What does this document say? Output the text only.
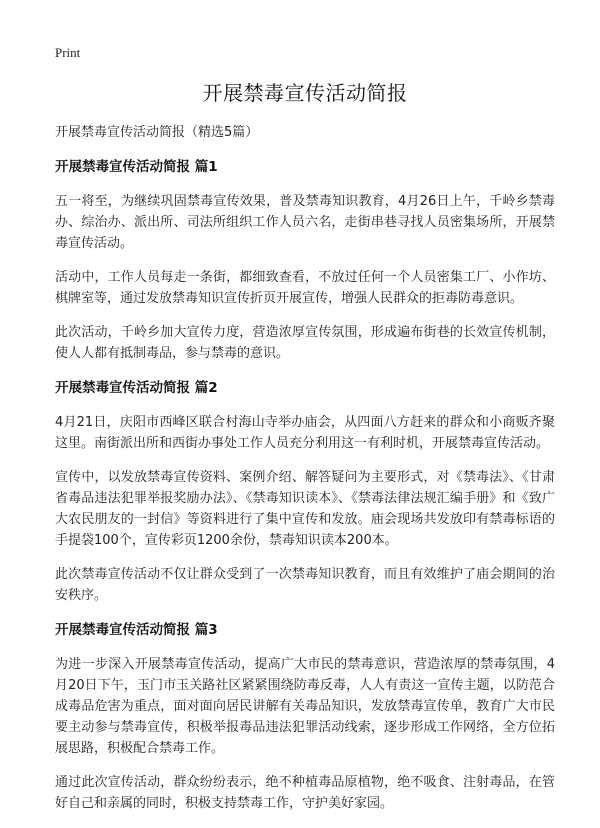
Print

开展禁毒宣传活动简报

开展禁毒宣传活动简报（精选5篇）

开展禁毒宣传活动简报 篇1

五一将至，为继续巩固禁毒宣传效果，普及禁毒知识教育，4月26日上午，千岭乡禁毒办、综治办、派出所、司法所组织工作人员六名，走街串巷寻找人员密集场所，开展禁毒宣传活动。

活动中，工作人员每走一条街，都细致查看，不放过任何一个人员密集工厂、小作坊、棋牌室等，通过发放禁毒知识宣传折页开展宣传，增强人民群众的拒毒防毒意识。

此次活动，千岭乡加大宣传力度，营造浓厚宣传氛围，形成遍布街巷的长效宣传机制，使人人都有抵制毒品，参与禁毒的意识。

开展禁毒宣传活动简报 篇2

4月21日，庆阳市西峰区联合村海山寺举办庙会，从四面八方赶来的群众和小商贩齐聚这里。南街派出所和西街办事处工作人员充分利用这一有利时机，开展禁毒宣传活动。

宣传中，以发放禁毒宣传资料、案例介绍、解答疑问为主要形式，对《禁毒法》、《甘肃省毒品违法犯罪举报奖励办法》、《禁毒知识读本》、《禁毒法律法规汇编手册》和《致广大农民朋友的一封信》等资料进行了集中宣传和发放。庙会现场共发放印有禁毒标语的手提袋100个，宣传彩页1200余份，禁毒知识读本200本。

此次禁毒宣传活动不仅让群众受到了一次禁毒知识教育，而且有效维护了庙会期间的治安秩序。

开展禁毒宣传活动简报 篇3

为进一步深入开展禁毒宣传活动，提高广大市民的禁毒意识，营造浓厚的禁毒氛围，4月20日下午，玉门市玉关路社区紧紧围绕防毒反毒，人人有责这一宣传主题，以防范合成毒品危害为重点，面对面向居民讲解有关毒品知识，发放禁毒宣传单，教育广大市民要主动参与禁毒宣传，积极举报毒品违法犯罪活动线索，逐步形成工作网络，全方位拓展思路，积极配合禁毒工作。

通过此次宣传活动，群众纷纷表示，绝不种植毒品原植物，绝不吸食、注射毒品，在管好自己和亲属的同时，积极支持禁毒工作，守护美好家园。
